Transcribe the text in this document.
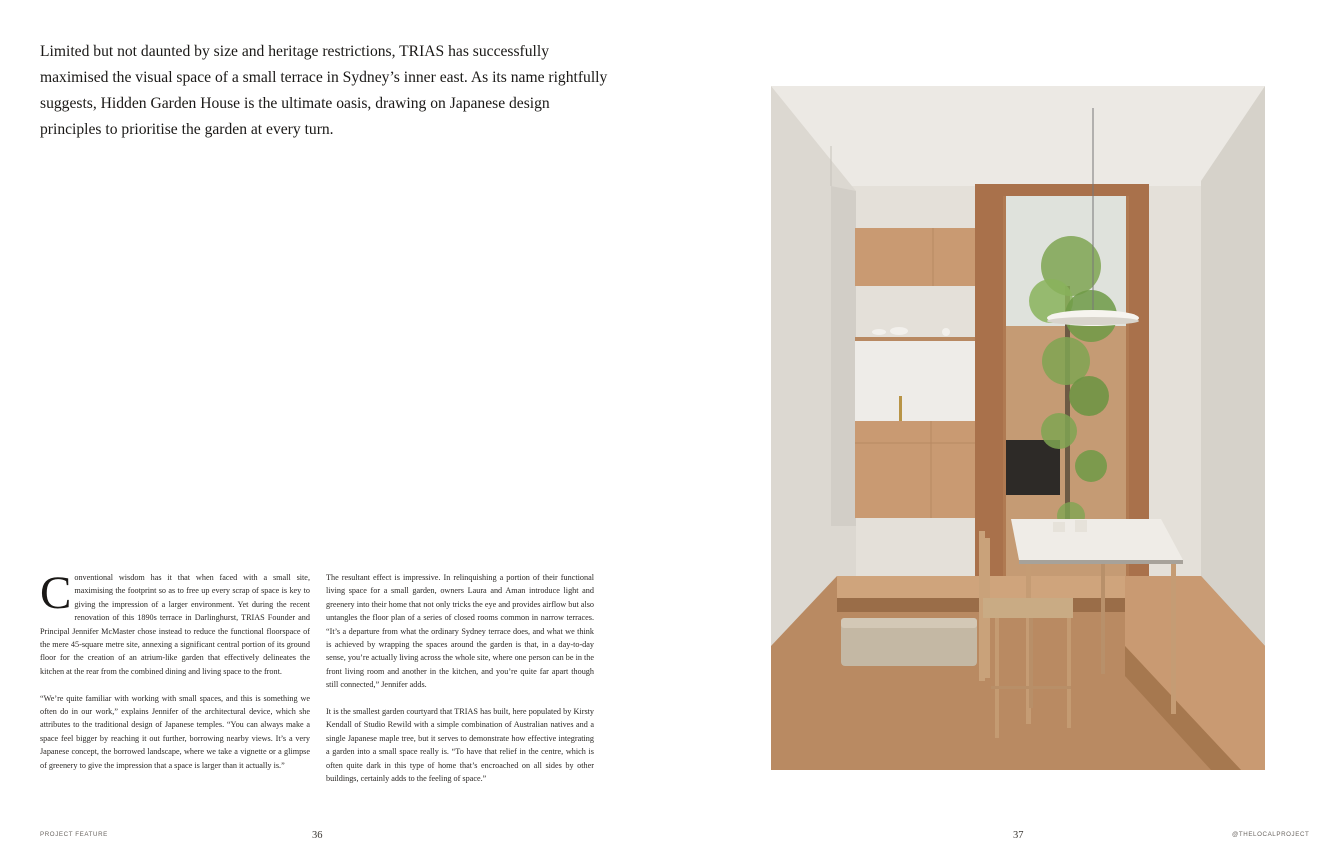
Limited but not daunted by size and heritage restrictions, TRIAS has successfully maximised the visual space of a small terrace in Sydney’s inner east. As its name rightfully suggests, Hidden Garden House is the ultimate oasis, drawing on Japanese design principles to prioritise the garden at every turn.

Conventional wisdom has it that when faced with a small site, maximising the footprint so as to free up every scrap of space is key to giving the impression of a larger environment. Yet during the recent renovation of this 1890s terrace in Darlinghurst, TRIAS Founder and Principal Jennifer McMaster chose instead to reduce the functional floorspace of the mere 45-square metre site, annexing a significant central portion of its ground floor for the creation of an atrium-like garden that effectively delineates the kitchen at the rear from the combined dining and living space to the front.

“We’re quite familiar with working with small spaces, and this is something we often do in our work,” explains Jennifer of the architectural device, which she attributes to the traditional design of Japanese temples. “You can always make a space feel bigger by reaching it out further, borrowing nearby views. It’s a very Japanese concept, the borrowed landscape, where we take a vignette or a glimpse of greenery to give the impression that a space is larger than it actually is.”

The resultant effect is impressive. In relinquishing a portion of their functional living space for a small garden, owners Laura and Aman introduce light and greenery into their home that not only tricks the eye and provides airflow but also untangles the floor plan of a series of closed rooms common in narrow terraces. “It’s a departure from what the ordinary Sydney terrace does, and what we think is achieved by wrapping the spaces around the garden is that, in a day-to-day sense, you’re actually living across the whole site, where one person can be in the front living room and another in the kitchen, and you’re quite far apart though still connected,” Jennifer adds.

It is the smallest garden courtyard that TRIAS has built, here populated by Kirsty Kendall of Studio Rewild with a simple combination of Australian natives and a single Japanese maple tree, but it serves to demonstrate how effective integrating a garden into a small space really is. “To have that relief in the centre, which is often quite dark in this type of home that’s encroached on all sides by other buildings, certainly adds to the feeling of space.”

PROJECT FEATURE	36	37	@THELOCALPROJECT
